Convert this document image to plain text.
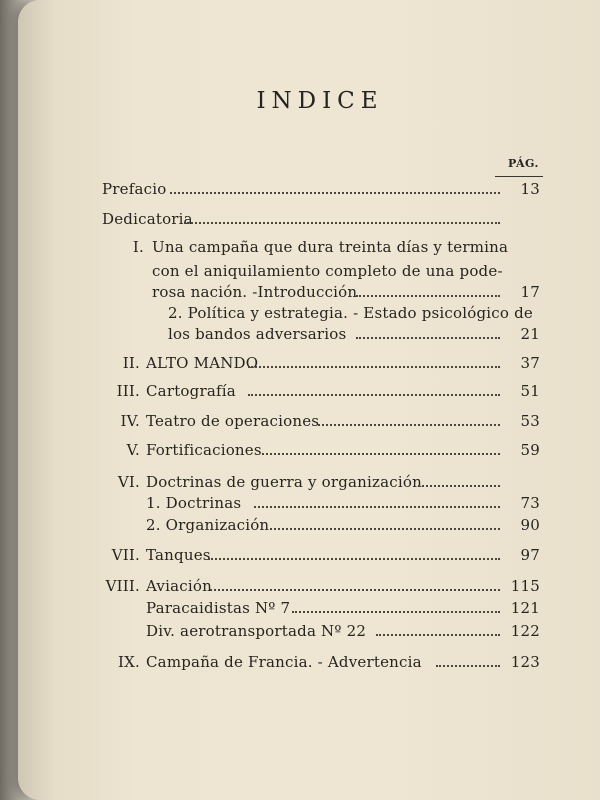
INDICE
PÁG.
Prefacio	13
Dedicatoria
I. Una campaña que dura treinta días y termina
con el aniquilamiento completo de una pode-
rosa nación. -Introducción	17
2. Política y estrategia. - Estado psicológico de
los bandos adversarios	21
II. ALTO MANDO	37
III. Cartografía	51
IV. Teatro de operaciones	53
V. Fortificaciones	59
VI. Doctrinas de guerra y organización
1. Doctrinas	73
2. Organización	90
VII. Tanques	97
VIII. Aviación	115
Paracaidistas Nº 7	121
Div. aerotransportada Nº 22	122
IX. Campaña de Francia. - Advertencia	123
